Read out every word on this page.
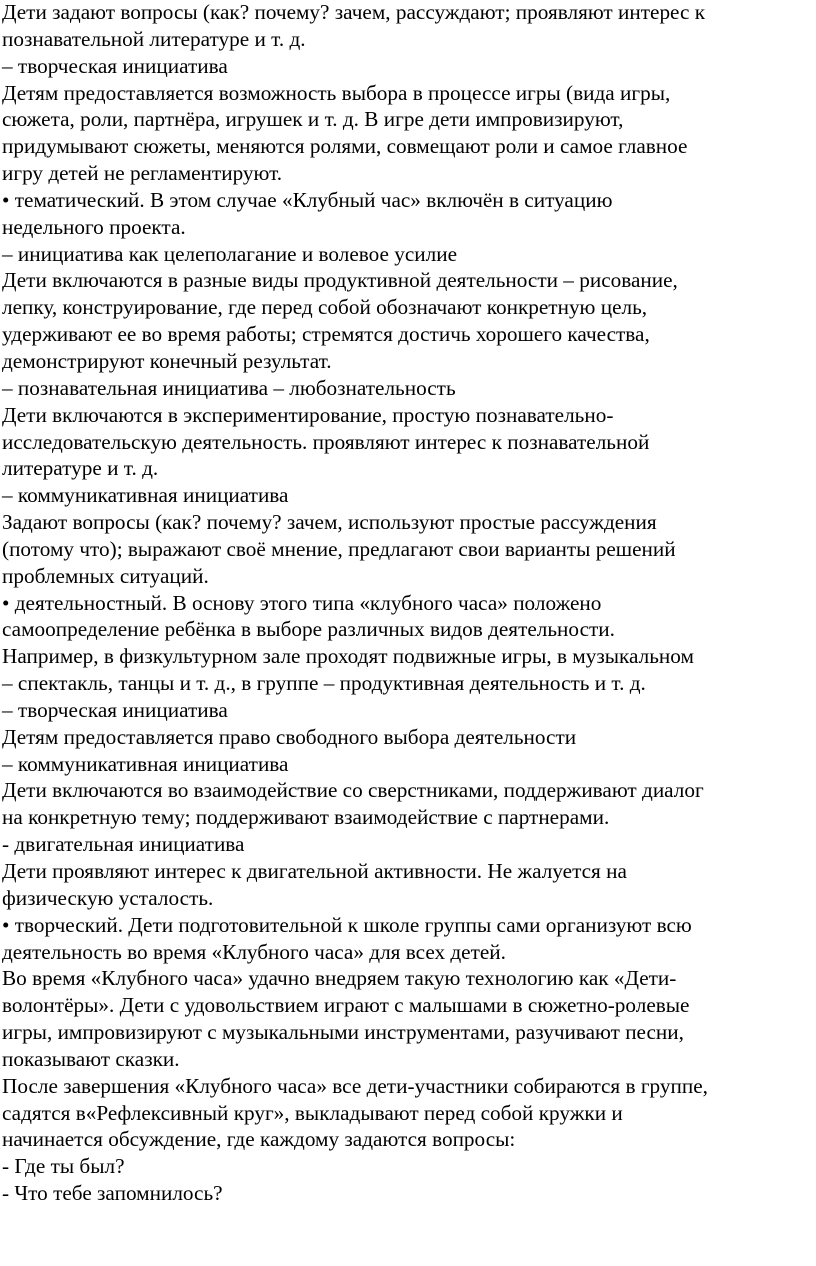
Дети задают вопросы (как? почему? зачем, рассуждают; проявляют интерес к

познавательной литературе и т. д.

– творческая инициатива

Детям предоставляется возможность выбора в процессе игры (вида игры,

сюжета, роли, партнёра, игрушек и т. д. В игре дети импровизируют,

придумывают сюжеты, меняются ролями, совмещают роли и самое главное

игру детей не регламентируют.

• тематический. В этом случае «Клубный час» включён в ситуацию

недельного проекта.

– инициатива как целеполагание и волевое усилие

Дети включаются в разные виды продуктивной деятельности – рисование,

лепку, конструирование, где перед собой обозначают конкретную цель,

удерживают ее во время работы; стремятся достичь хорошего качества,

демонстрируют конечный результат.

– познавательная инициатива – любознательность

Дети включаются в экспериментирование, простую познавательно-

исследовательскую деятельность. проявляют интерес к познавательной

литературе и т. д.

– коммуникативная инициатива

Задают вопросы (как? почему? зачем, используют простые рассуждения

(потому что); выражают своё мнение, предлагают свои варианты решений

проблемных ситуаций.

• деятельностный. В основу этого типа «клубного часа» положено

самоопределение ребёнка в выборе различных видов деятельности.

Например, в физкультурном зале проходят подвижные игры, в музыкальном

– спектакль, танцы и т. д., в группе – продуктивная деятельность и т. д.

– творческая инициатива

Детям предоставляется право свободного выбора деятельности

– коммуникативная инициатива

Дети включаются во взаимодействие со сверстниками, поддерживают диалог

на конкретную тему; поддерживают взаимодействие с партнерами.

- двигательная инициатива

Дети проявляют интерес к двигательной активности. Не жалуется на

физическую усталость.

• творческий. Дети подготовительной к школе группы сами организуют всю

деятельность во время «Клубного часа» для всех детей.

Во время «Клубного часа» удачно внедряем такую технологию как «Дети-

волонтёры». Дети с удовольствием играют с малышами в сюжетно-ролевые

игры, импровизируют с музыкальными инструментами, разучивают песни,

показывают сказки.

После завершения «Клубного часа» все дети-участники собираются в группе,

садятся в«Рефлексивный круг», выкладывают перед собой кружки и

начинается обсуждение, где каждому задаются вопросы:

- Где ты был?

- Что тебе запомнилось?
